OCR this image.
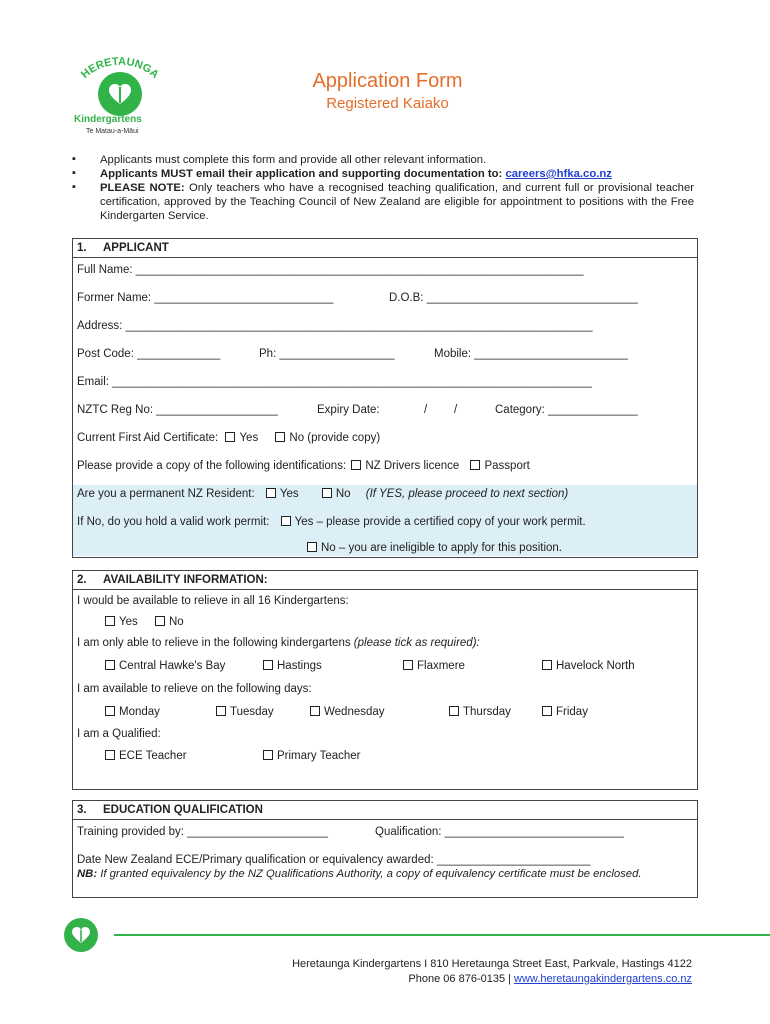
HERETAUNGA
Kindergartens
Te Matau-a-Māui
Application Form
Registered Kaiako
▪ Applicants must complete this form and provide all other relevant information.
▪ Applicants MUST email their application and supporting documentation to: careers@hfka.co.nz
▪ PLEASE NOTE: Only teachers who have a recognised teaching qualification, and current full or provisional teacher certification, approved by the Teaching Council of New Zealand are eligible for appointment to positions with the Free Kindergarten Service.
1. APPLICANT
Full Name: ______________________________________________________________________
Former Name: ____________________________	D.O.B: _________________________________
Address: _________________________________________________________________________
Post Code: _____________	Ph: __________________	Mobile: ________________________
Email: ___________________________________________________________________________
NZTC Reg No: ___________________	Expiry Date:	/ /	Category: ______________
Current First Aid Certificate: Yes	No (provide copy)
Please provide a copy of the following identifications: NZ Drivers licence Passport
Are you a permanent NZ Resident: Yes	No (If YES, please proceed to next section)
If No, do you hold a valid work permit: Yes – please provide a certified copy of your work permit.
No – you are ineligible to apply for this position.
2. AVAILABILITY INFORMATION:
I would be available to relieve in all 16 Kindergartens:
Yes	No
I am only able to relieve in the following kindergartens (please tick as required):
Central Hawke's Bay	Hastings	Flaxmere	Havelock North
I am available to relieve on the following days:
Monday	Tuesday	Wednesday	Thursday	Friday
I am a Qualified:
ECE Teacher	Primary Teacher
3. EDUCATION QUALIFICATION
Training provided by: ______________________	Qualification: ____________________________
Date New Zealand ECE/Primary qualification or equivalency awarded: ________________________
NB: If granted equivalency by the NZ Qualifications Authority, a copy of equivalency certificate must be enclosed.
Heretaunga Kindergartens I 810 Heretaunga Street East, Parkvale, Hastings 4122
Phone 06 876-0135 | www.heretaungakindergartens.co.nz
